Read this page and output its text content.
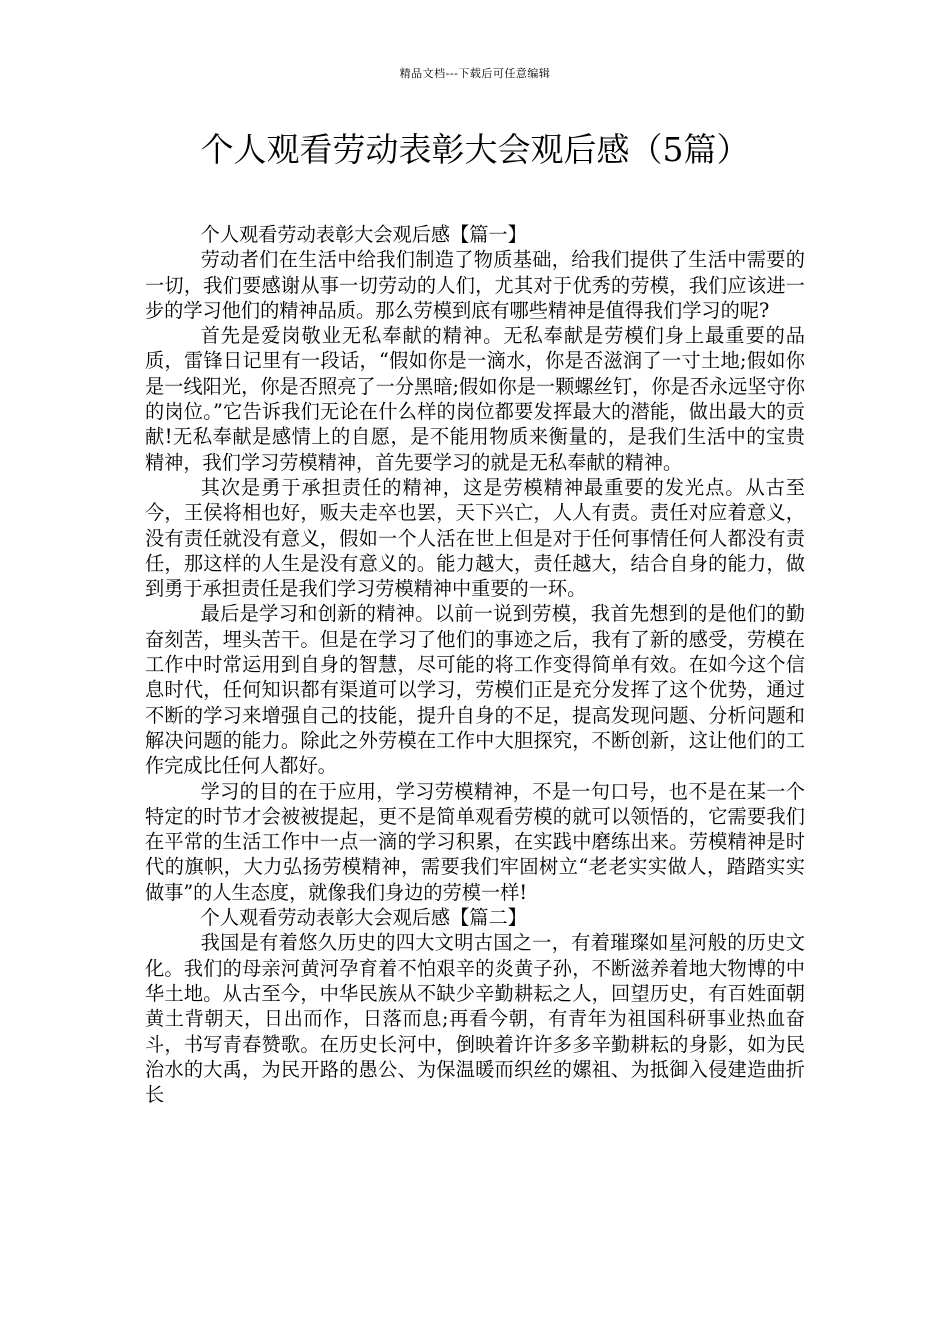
精品文档---下载后可任意编辑
个人观看劳动表彰大会观后感（5篇）

个人观看劳动表彰大会观后感【篇一】

劳动者们在生活中给我们制造了物质基础，给我们提供了生活中需要的一切，我们要感谢从事一切劳动的人们，尤其对于优秀的劳模，我们应该进一步的学习他们的精神品质。那么劳模到底有哪些精神是值得我们学习的呢?

首先是爱岗敬业无私奉献的精神。无私奉献是劳模们身上最重要的品质，雷锋日记里有一段话，“假如你是一滴水，你是否滋润了一寸土地;假如你是一线阳光，你是否照亮了一分黑暗;假如你是一颗螺丝钉，你是否永远坚守你的岗位。”它告诉我们无论在什么样的岗位都要发挥最大的潜能，做出最大的贡献!无私奉献是感情上的自愿，是不能用物质来衡量的，是我们生活中的宝贵精神，我们学习劳模精神，首先要学习的就是无私奉献的精神。

其次是勇于承担责任的精神，这是劳模精神最重要的发光点。从古至今，王侯将相也好，贩夫走卒也罢，天下兴亡，人人有责。责任对应着意义，没有责任就没有意义，假如一个人活在世上但是对于任何事情任何人都没有责任，那这样的人生是没有意义的。能力越大，责任越大，结合自身的能力，做到勇于承担责任是我们学习劳模精神中重要的一环。

最后是学习和创新的精神。以前一说到劳模，我首先想到的是他们的勤奋刻苦，埋头苦干。但是在学习了他们的事迹之后，我有了新的感受，劳模在工作中时常运用到自身的智慧，尽可能的将工作变得简单有效。在如今这个信息时代，任何知识都有渠道可以学习，劳模们正是充分发挥了这个优势，通过不断的学习来增强自己的技能，提升自身的不足，提高发现问题、分析问题和解决问题的能力。除此之外劳模在工作中大胆探究，不断创新，这让他们的工作完成比任何人都好。

学习的目的在于应用，学习劳模精神，不是一句口号，也不是在某一个特定的时节才会被被提起，更不是简单观看劳模的就可以领悟的，它需要我们在平常的生活工作中一点一滴的学习积累，在实践中磨练出来。劳模精神是时代的旗帜，大力弘扬劳模精神，需要我们牢固树立“老老实实做人，踏踏实实做事”的人生态度，就像我们身边的劳模一样!

个人观看劳动表彰大会观后感【篇二】

我国是有着悠久历史的四大文明古国之一，有着璀璨如星河般的历史文化。我们的母亲河黄河孕育着不怕艰辛的炎黄子孙，不断滋养着地大物博的中华土地。从古至今，中华民族从不缺少辛勤耕耘之人，回望历史，有百姓面朝黄土背朝天，日出而作，日落而息;再看今朝，有青年为祖国科研事业热血奋斗，书写青春赞歌。在历史长河中，倒映着许许多多辛勤耕耘的身影，如为民治水的大禹，为民开路的愚公、为保温暖而织丝的嫘祖、为抵御入侵建造曲折长
